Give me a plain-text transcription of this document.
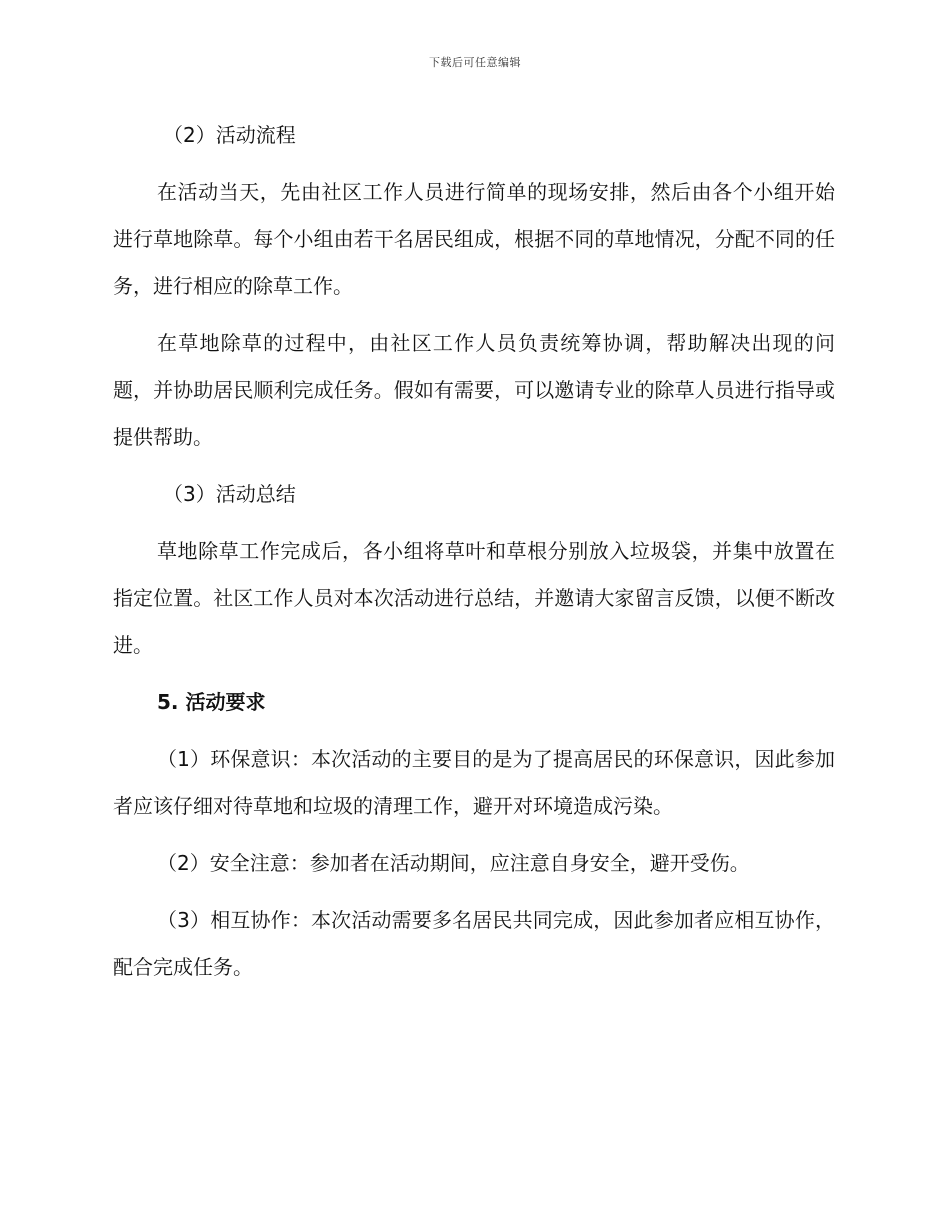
下载后可任意编辑

（2）活动流程

在活动当天，先由社区工作人员进行简单的现场安排，然后由各个小组开始进行草地除草。每个小组由若干名居民组成，根据不同的草地情况，分配不同的任务，进行相应的除草工作。

在草地除草的过程中，由社区工作人员负责统筹协调，帮助解决出现的问题，并协助居民顺利完成任务。假如有需要，可以邀请专业的除草人员进行指导或提供帮助。

（3）活动总结

草地除草工作完成后，各小组将草叶和草根分别放入垃圾袋，并集中放置在指定位置。社区工作人员对本次活动进行总结，并邀请大家留言反馈，以便不断改进。

5. 活动要求

（1）环保意识：本次活动的主要目的是为了提高居民的环保意识，因此参加者应该仔细对待草地和垃圾的清理工作，避开对环境造成污染。

（2）安全注意：参加者在活动期间，应注意自身安全，避开受伤。

（3）相互协作：本次活动需要多名居民共同完成，因此参加者应相互协作，配合完成任务。
